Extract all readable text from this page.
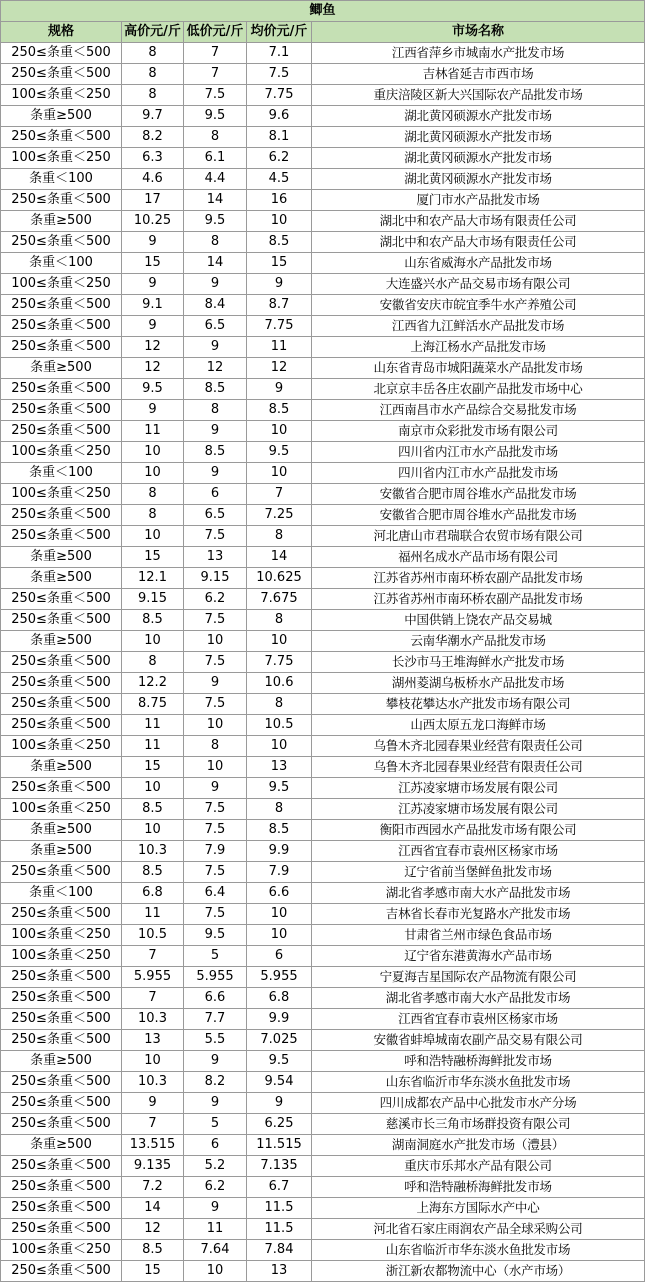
鲫鱼				
规格	高价元/斤	低价元/斤	均价元/斤	市场名称
250≤条重＜500	8	7	7.1	江西省萍乡市城南水产批发市场
250≤条重＜500	8	7	7.5	吉林省延吉市西市场
100≤条重＜250	8	7.5	7.75	重庆涪陵区新大兴国际农产品批发市场
条重≥500	9.7	9.5	9.6	湖北黄冈硕源水产批发市场
250≤条重＜500	8.2	8	8.1	湖北黄冈硕源水产批发市场
100≤条重＜250	6.3	6.1	6.2	湖北黄冈硕源水产批发市场
条重＜100	4.6	4.4	4.5	湖北黄冈硕源水产批发市场
250≤条重＜500	17	14	16	厦门市水产品批发市场
条重≥500	10.25	9.5	10	湖北中和农产品大市场有限责任公司
250≤条重＜500	9	8	8.5	湖北中和农产品大市场有限责任公司
条重＜100	15	14	15	山东省威海水产品批发市场
100≤条重＜250	9	9	9	大连盛兴水产品交易市场有限公司
250≤条重＜500	9.1	8.4	8.7	安徽省安庆市皖宜季牛水产养殖公司
250≤条重＜500	9	6.5	7.75	江西省九江鲜活水产品批发市场
250≤条重＜500	12	9	11	上海江杨水产品批发市场
条重≥500	12	12	12	山东省青岛市城阳蔬菜水产品批发市场
250≤条重＜500	9.5	8.5	9	北京京丰岳各庄农副产品批发市场中心
250≤条重＜500	9	8	8.5	江西南昌市水产品综合交易批发市场
250≤条重＜500	11	9	10	南京市众彩批发市场有限公司
100≤条重＜250	10	8.5	9.5	四川省内江市水产品批发市场
条重＜100	10	9	10	四川省内江市水产品批发市场
100≤条重＜250	8	6	7	安徽省合肥市周谷堆水产品批发市场
250≤条重＜500	8	6.5	7.25	安徽省合肥市周谷堆水产品批发市场
250≤条重＜500	10	7.5	8	河北唐山市君瑞联合农贸市场有限公司
条重≥500	15	13	14	福州名成水产品市场有限公司
条重≥500	12.1	9.15	10.625	江苏省苏州市南环桥农副产品批发市场
250≤条重＜500	9.15	6.2	7.675	江苏省苏州市南环桥农副产品批发市场
250≤条重＜500	8.5	7.5	8	中国供销上饶农产品交易城
条重≥500	10	10	10	云南华潮水产品批发市场
250≤条重＜500	8	7.5	7.75	长沙市马王堆海鲜水产批发市场
250≤条重＜500	12.2	9	10.6	湖州菱湖乌板桥水产品批发市场
250≤条重＜500	8.75	7.5	8	攀枝花攀达水产批发市场有限公司
250≤条重＜500	11	10	10.5	山西太原五龙口海鲜市场
100≤条重＜250	11	8	10	乌鲁木齐北园春果业经营有限责任公司
条重≥500	15	10	13	乌鲁木齐北园春果业经营有限责任公司
250≤条重＜500	10	9	9.5	江苏凌家塘市场发展有限公司
100≤条重＜250	8.5	7.5	8	江苏凌家塘市场发展有限公司
条重≥500	10	7.5	8.5	衡阳市西园水产品批发市场有限公司
条重≥500	10.3	7.9	9.9	江西省宜春市袁州区杨家市场
250≤条重＜500	8.5	7.5	7.9	辽宁省前当堡鲜鱼批发市场
条重＜100	6.8	6.4	6.6	湖北省孝感市南大水产品批发市场
250≤条重＜500	11	7.5	10	吉林省长春市光复路水产批发市场
100≤条重＜250	10.5	9.5	10	甘肃省兰州市绿色食品市场
100≤条重＜250	7	5	6	辽宁省东港黄海水产品市场
250≤条重＜500	5.955	5.955	5.955	宁夏海吉星国际农产品物流有限公司
250≤条重＜500	7	6.6	6.8	湖北省孝感市南大水产品批发市场
250≤条重＜500	10.3	7.7	9.9	江西省宜春市袁州区杨家市场
250≤条重＜500	13	5.5	7.025	安徽省蚌埠城南农副产品交易有限公司
条重≥500	10	9	9.5	呼和浩特融桥海鲜批发市场
250≤条重＜500	10.3	8.2	9.54	山东省临沂市华东淡水鱼批发市场
250≤条重＜500	9	9	9	四川成都农产品中心批发市水产分场
250≤条重＜500	7	5	6.25	慈溪市长三角市场群投资有限公司
条重≥500	13.515	6	11.515	湖南洞庭水产批发市场（澧县）
250≤条重＜500	9.135	5.2	7.135	重庆市乐邦水产品有限公司
250≤条重＜500	7.2	6.2	6.7	呼和浩特融桥海鲜批发市场
250≤条重＜500	14	9	11.5	上海东方国际水产中心
250≤条重＜500	12	11	11.5	河北省石家庄雨润农产品全球采购公司
100≤条重＜250	8.5	7.64	7.84	山东省临沂市华东淡水鱼批发市场
250≤条重＜500	15	10	13	浙江新农都物流中心（水产市场）
